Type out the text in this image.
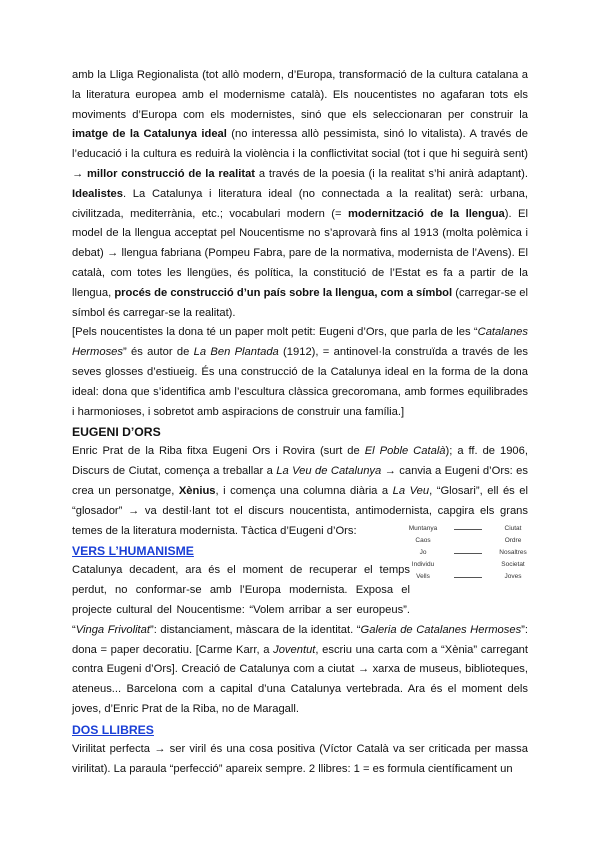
amb la Lliga Regionalista (tot allò modern, d’Europa, transformació de la cultura catalana a la literatura europea amb el modernisme català). Els noucentistes no agafaran tots els moviments d’Europa com els modernistes, sinó que els seleccionaran per construir la imatge de la Catalunya ideal (no interessa allò pessimista, sinó lo vitalista). A través de l’educació i la cultura es reduirà la violència i la conflictivitat social (tot i que hi seguirà sent) → millor construcció de la realitat a través de la poesia (i la realitat s’hi anirà adaptant). Idealistes. La Catalunya i literatura ideal (no connectada a la realitat) serà: urbana, civilitzada, mediterrània, etc.; vocabulari modern (= modernització de la llengua). El model de la llengua acceptat pel Noucentisme no s’aprovarà fins al 1913 (molta polèmica i debat) → llengua fabriana (Pompeu Fabra, pare de la normativa, modernista de l’Avens). El català, com totes les llengües, és política, la constitució de l’Estat es fa a partir de la llengua, procés de construcció d’un país sobre la llengua, com a símbol (carregar-se el símbol és carregar-se la realitat).

[Pels noucentistes la dona té un paper molt petit: Eugeni d’Ors, que parla de les “Catalanes Hermoses” és autor de La Ben Plantada (1912), = antinovel·la construïda a través de les seves glosses d’estiueig. És una construcció de la Catalunya ideal en la forma de la dona ideal: dona que s’identifica amb l’escultura clàssica grecoromana, amb formes equilibrades i harmonioses, i sobretot amb aspiracions de construir una família.]

EUGENI D’ORS

Enric Prat de la Riba fitxa Eugeni Ors i Rovira (surt de El Poble Català); a ff. de 1906, Discurs de Ciutat, comença a treballar a La Veu de Catalunya → canvia a Eugeni d’Ors: es crea un personatge, Xènius, i comença una columna diària a La Veu, “Glosari”, ell és el “glosador” → va destil·lant tot el discurs noucentista, antimodernista, capgira els grans temes de la literatura modernista. Tàctica d’Eugeni d’Ors:

VERS L’HUMANISME

Catalunya decadent, ara és el moment de recuperar el temps perdut, no conformar-se amb l’Europa modernista. Exposa el projecte cultural del Noucentisme: “Volem arribar a ser europeus”. “Vinga Frivolitat”: distanciament, màscara de la identitat. “Galeria de Catalanes Hermoses”: dona = paper decoratiu. [Carme Karr, a Joventut, escriu una carta com a “Xènia” carregant contra Eugeni d’Ors]. Creació de Catalunya com a ciutat → xarxa de museus, biblioteques, ateneus... Barcelona com a capital d’una Catalunya vertebrada. Ara és el moment dels joves, d’Enric Prat de la Riba, no de Maragall.

DOS LLIBRES

Virilitat perfecta → ser viril és una cosa positiva (Víctor Català va ser criticada per massa virilitat). La paraula “perfecció” apareix sempre. 2 llibres: 1 = es formula científicament un

Muntanya	Ciutat
Caos	Ordre
Jo	Nosaltres
Individu	Societat
Vells	Joves
